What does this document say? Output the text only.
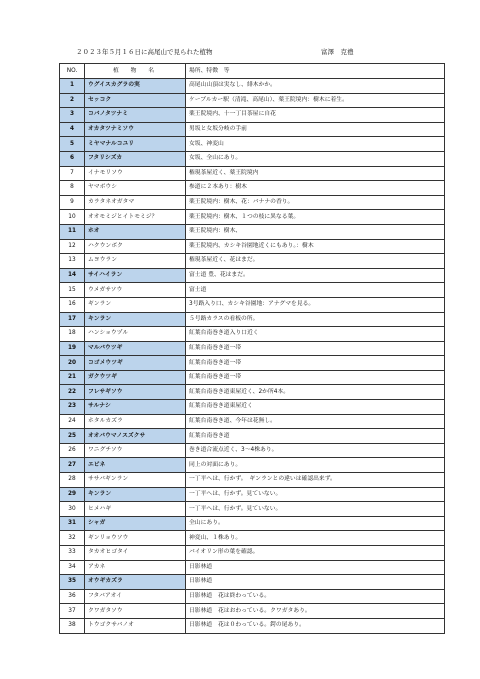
２０２３年５月１６日に高尾山で見られた植物	富澤　克禮
NO.	植　物　名	場所、特徴　等
1	ウグイスカグラの実	高尾山山頂は実なし、緋木かか。
2	セッコク	ケーブルカー駅（清滝、高尾山）、薬王院境内：樹木に着生。
3	コバノタツナミ	薬王院境内、十一丁目茶屋に自花
4	オカタツナミソウ	男坂と女坂分岐の手前
5	ミヤマナルコユリ	女坂、神変山
6	フタリシズカ	女坂、全山にあり。
7	イナモリソウ	権現茶屋近く、薬王院境内
8	ヤマボウシ	参道に２本あり：樹木
9	カラタネオガタマ	薬王院境内：樹木、花：バナナの香り。
10	オオモミジとイトモミジ？	薬王院境内：樹木、１つの枝に異なる葉。
11	ホオ	薬王院境内：樹木、
12	ハクウンボク	薬王院境内、カシキ谷園地近くにもあり。：樹木
13	ムヨウラン	権現茶屋近く、花はまだ。
14	サイハイラン	富士道 豊、花はまだ。
15	ウメガサソウ	富士道
16	ギンラン	3号路入り口、カシキ谷園地：アナグマを見る。
17	キンラン	５号路カラスの看板の所。
18	ハンショウヅル	紅葉台南巻き道入り口近く
19	マルバウツギ	紅葉台南巻き道一帯
20	コゴメウツギ	紅葉台南巻き道一帯
21	ガクウツギ	紅葉台南巻き道一帯
22	フレサギソウ	紅葉台南巻き道東屋近く、2か所4本。
23	サルナシ	紅葉台南巻き道東屋近く
24	ホタルカズラ	紅葉台南巻き道、今年は花無し。
25	オオバウマノスズクサ	紅葉台南巻き道
26	ワニグチソウ	巻き道合流点近く、3～4株あり。
27	エビネ	同上の対面にあり。
28	ササバギンラン	一丁平へは、行かず。　ギンランとの違いは確認出来ず。
29	キンラン	一丁平へは、行かず。見ていない。
30	ヒメハギ	一丁平へは、行かず。見ていない。
31	シャガ	全山にあり。
32	ギンリョウソウ	神変山、１株あり。
33	タカオヒゴタイ	バイオリン形の葉を確認。
34	アカネ	日影林道
35	オウギカズラ	日影林道
36	フタバアオイ	日影林道　花は終わっている。
37	クワガタソウ	日影林道　花はおわっている。クワガタあり。
38	トウゴクサバノオ	日影林道　花は０わっている。鍔の尾あり。
